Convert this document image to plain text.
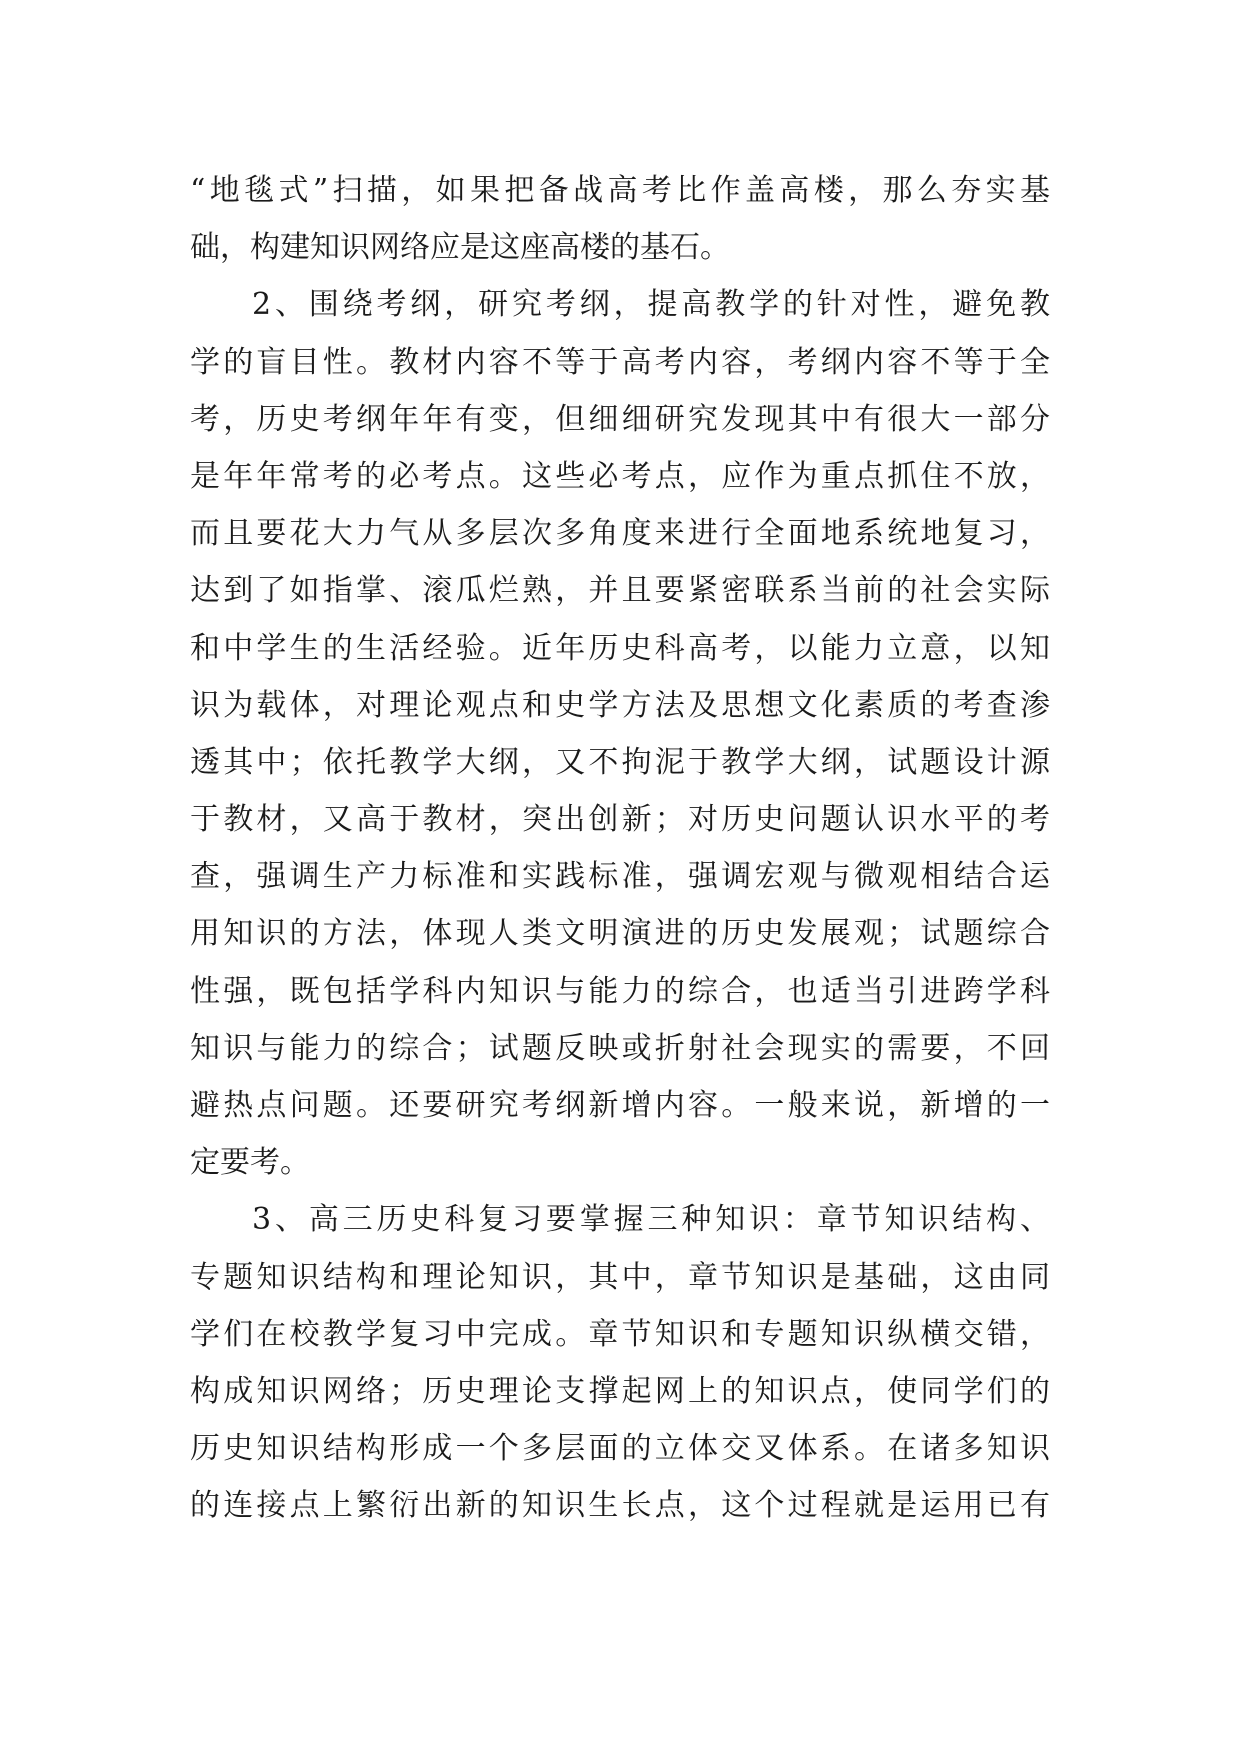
“地毯式”扫描，如果把备战高考比作盖高楼，那么夯实基
础，构建知识网络应是这座高楼的基石。
2、围绕考纲，研究考纲，提高教学的针对性，避免教
学的盲目性。教材内容不等于高考内容，考纲内容不等于全
考，历史考纲年年有变，但细细研究发现其中有很大一部分
是年年常考的必考点。这些必考点，应作为重点抓住不放，
而且要花大力气从多层次多角度来进行全面地系统地复习，
达到了如指掌、滚瓜烂熟，并且要紧密联系当前的社会实际
和中学生的生活经验。近年历史科高考，以能力立意，以知
识为载体，对理论观点和史学方法及思想文化素质的考查渗
透其中；依托教学大纲，又不拘泥于教学大纲，试题设计源
于教材，又高于教材，突出创新；对历史问题认识水平的考
查，强调生产力标准和实践标准，强调宏观与微观相结合运
用知识的方法，体现人类文明演进的历史发展观；试题综合
性强，既包括学科内知识与能力的综合，也适当引进跨学科
知识与能力的综合；试题反映或折射社会现实的需要，不回
避热点问题。还要研究考纲新增内容。一般来说，新增的一
定要考。
3、高三历史科复习要掌握三种知识：章节知识结构、
专题知识结构和理论知识，其中，章节知识是基础，这由同
学们在校教学复习中完成。章节知识和专题知识纵横交错，
构成知识网络；历史理论支撑起网上的知识点，使同学们的
历史知识结构形成一个多层面的立体交叉体系。在诸多知识
的连接点上繁衍出新的知识生长点，这个过程就是运用已有
